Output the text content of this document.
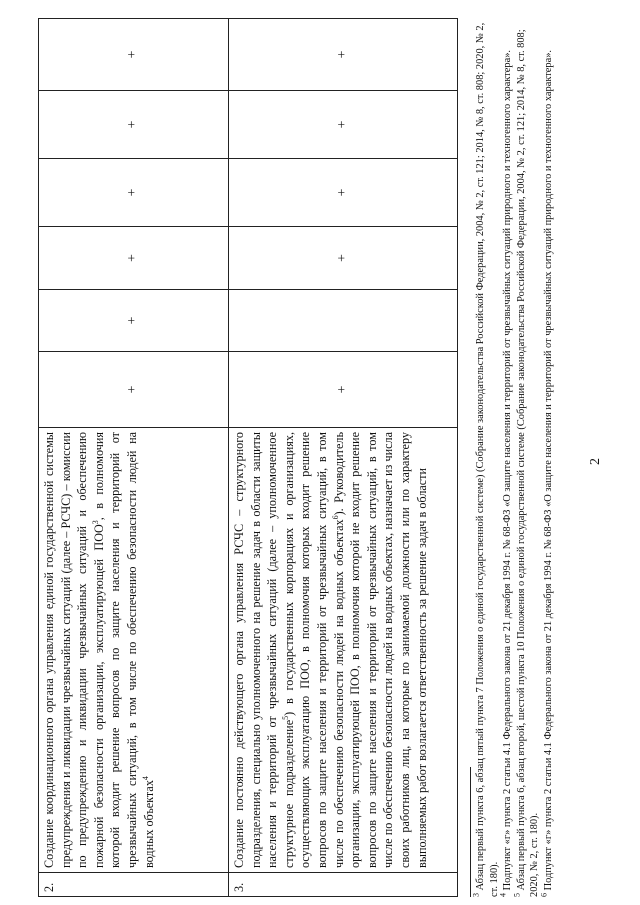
2
2.	Создание координационного органа управления единой государственной системы предупреждения и ликвидации чрезвычайных ситуаций (далее – РСЧС) – комиссии по предупреждению и ликвидации чрезвычайных ситуаций и обеспечению пожарной безопасности организации, эксплуатирующей ПОО$^3$, в полномочия которой входит решение вопросов по защите населения и территорий от чрезвычайных ситуаций, в том числе по обеспечению безопасности людей на водных объектах$^4$	+	+	+	+	+	+
3.	Создание постоянно действующего органа управления РСЧС – структурного подразделения, специально уполномоченного на решение задач в области защиты населения и территорий от чрезвычайных ситуаций (далее – уполномоченное структурное подразделение$^5$) в государственных корпорациях и организациях, осуществляющих эксплуатацию ПОО, в полномочия которых входит решение вопросов по защите населения и территорий от чрезвычайных ситуаций, в том числе по обеспечению безопасности людей на водных объектах$^6$). Руководитель организации, эксплуатирующей ПОО, в полномочия которой не входит решение вопросов по защите населения и территорий от чрезвычайных ситуаций, в том числе по обеспечению безопасности людей на водных объектах, назначает из числа своих работников лиц, на которые по занимаемой должности или по характеру выполняемых работ возлагается ответственность за решение задач в области	+		+	+	+	+

$^3$ Абзац первый пункта 6, абзац пятый пункта 7 Положения о единой государственной системе) (Собрание законодательства Российской Федерации, 2004, № 2, ст. 121; 2014, № 8, ст. 808; 2020, № 2, ст. 180). $^4$ Подпункт «г» пункта 2 статьи 4.1 Федерального закона от 21 декабря 1994 г. № 68-ФЗ «О защите населения и территорий от чрезвычайных ситуаций природного и техногенного характера».

$^5$ Абзац первый пункта 6, абзац второй, шестой пункта 10 Положения о единой государственной системе (Собрание законодательства Российской Федерации, 2004, № 2, ст. 121; 2014, № 8, ст. 808; 2020, № 2, ст. 180). $^6$ Подпункт «г» пункта 2 статьи 4.1 Федерального закона от 21 декабря 1994 г. № 68-ФЗ «О защите населения и территорий от чрезвычайных ситуаций природного и техногенного характера».
